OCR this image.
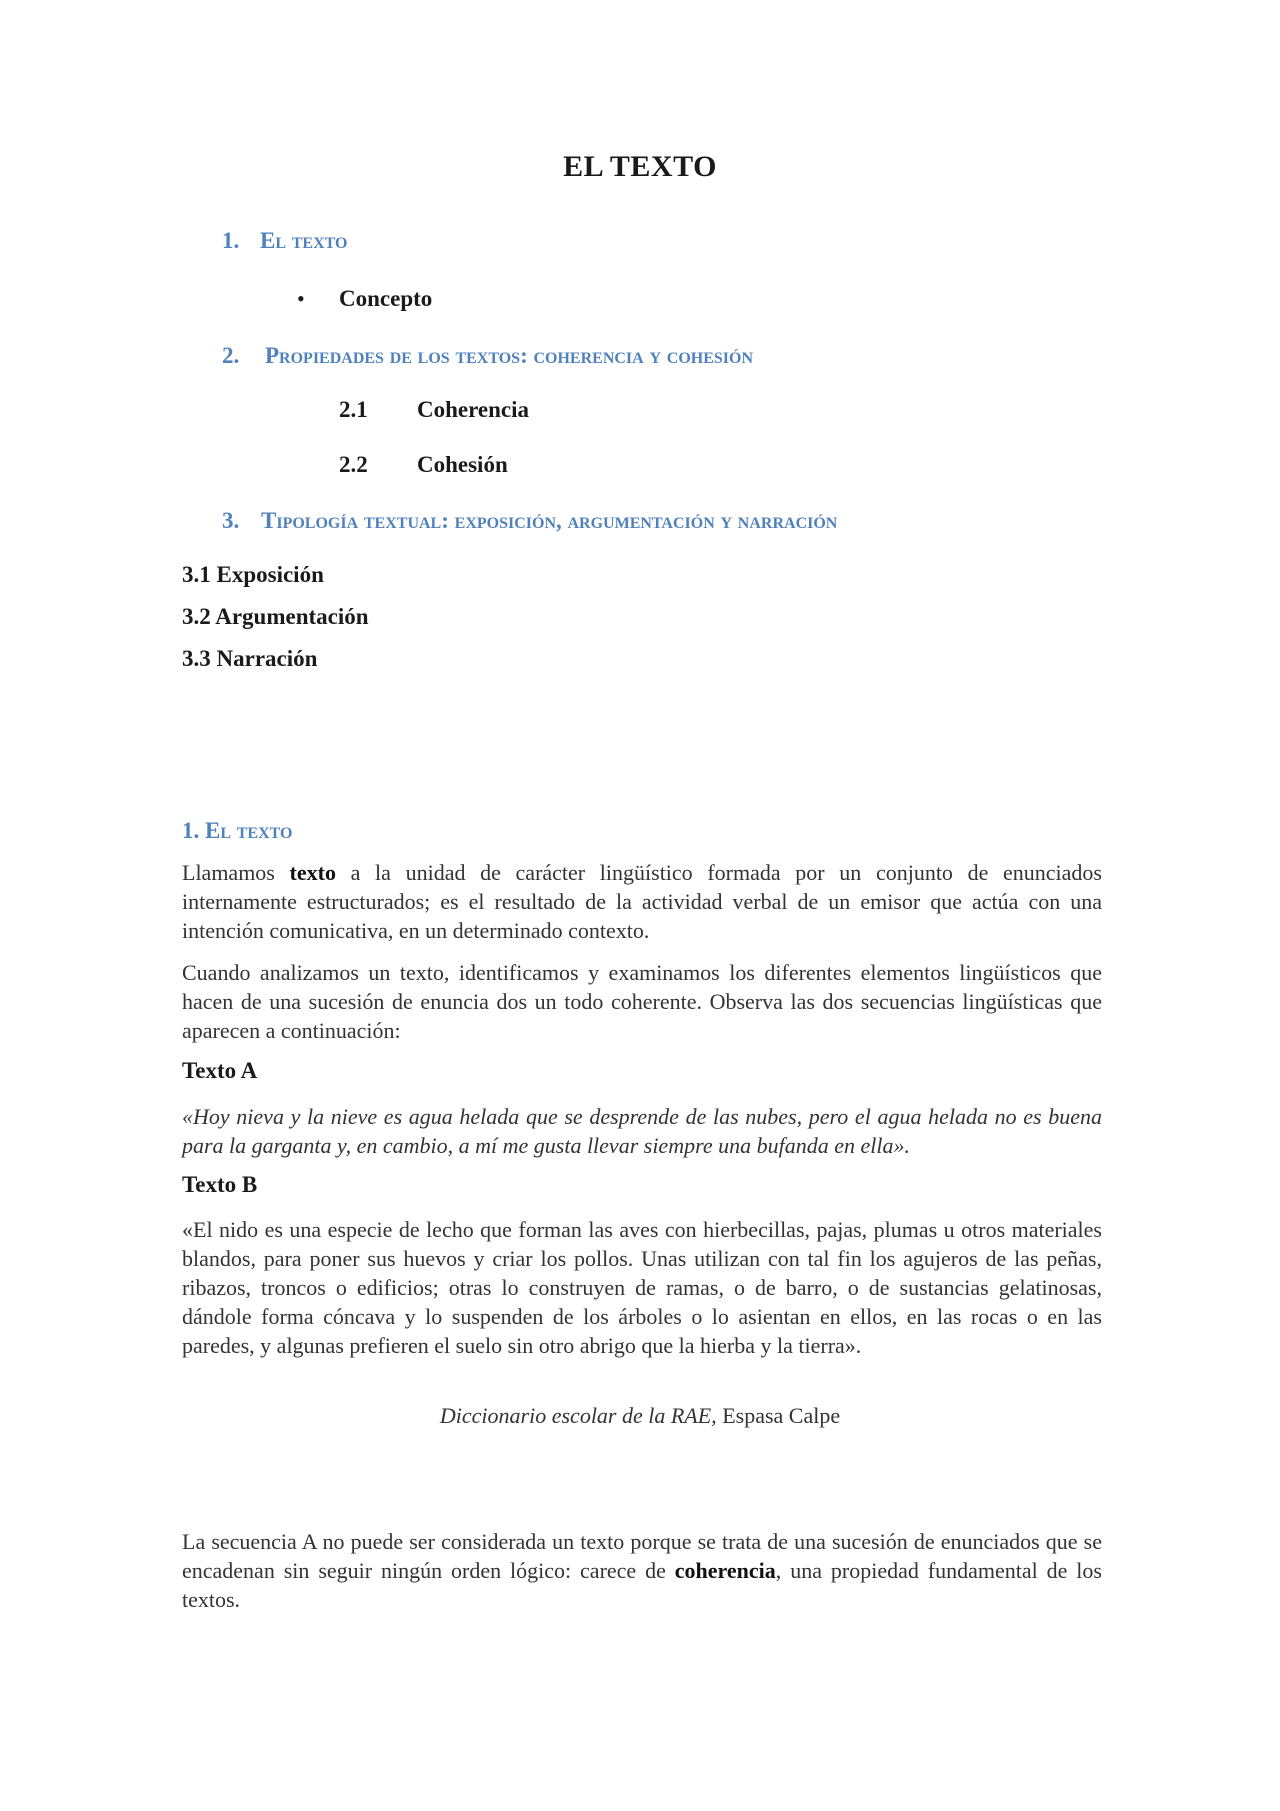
EL TEXTO
1. El texto
• Concepto
2. Propiedades de los textos: coherencia y cohesión
2.1 Coherencia
2.2 Cohesión
3. Tipología textual: exposición, argumentación y narración
3.1 Exposición
3.2 Argumentación
3.3 Narración
1. El texto
Llamamos texto a la unidad de carácter lingüístico formada por un conjunto de enunciados internamente estructurados; es el resultado de la actividad verbal de un emisor que actúa con una intención comunicativa, en un determinado contexto.
Cuando analizamos un texto, identificamos y examinamos los diferentes elementos lingüísticos que hacen de una sucesión de enuncia dos un todo coherente. Observa las dos secuencias lingüísticas que aparecen a continuación:
Texto A
«Hoy nieva y la nieve es agua helada que se desprende de las nubes, pero el agua helada no es buena para la garganta y, en cambio, a mí me gusta llevar siempre una bufanda en ella».
Texto B
«El nido es una especie de lecho que forman las aves con hierbecillas, pajas, plumas u otros materiales blandos, para poner sus huevos y criar los pollos. Unas utilizan con tal fin los agujeros de las peñas, ribazos, troncos o edificios; otras lo construyen de ramas, o de barro, o de sustancias gelatinosas, dándole forma cóncava y lo suspenden de los árboles o lo asientan en ellos, en las rocas o en las paredes, y algunas prefieren el suelo sin otro abrigo que la hierba y la tierra».
Diccionario escolar de la RAE, Espasa Calpe
La secuencia A no puede ser considerada un texto porque se trata de una sucesión de enunciados que se encadenan sin seguir ningún orden lógico: carece de coherencia, una propiedad fundamental de los textos.
